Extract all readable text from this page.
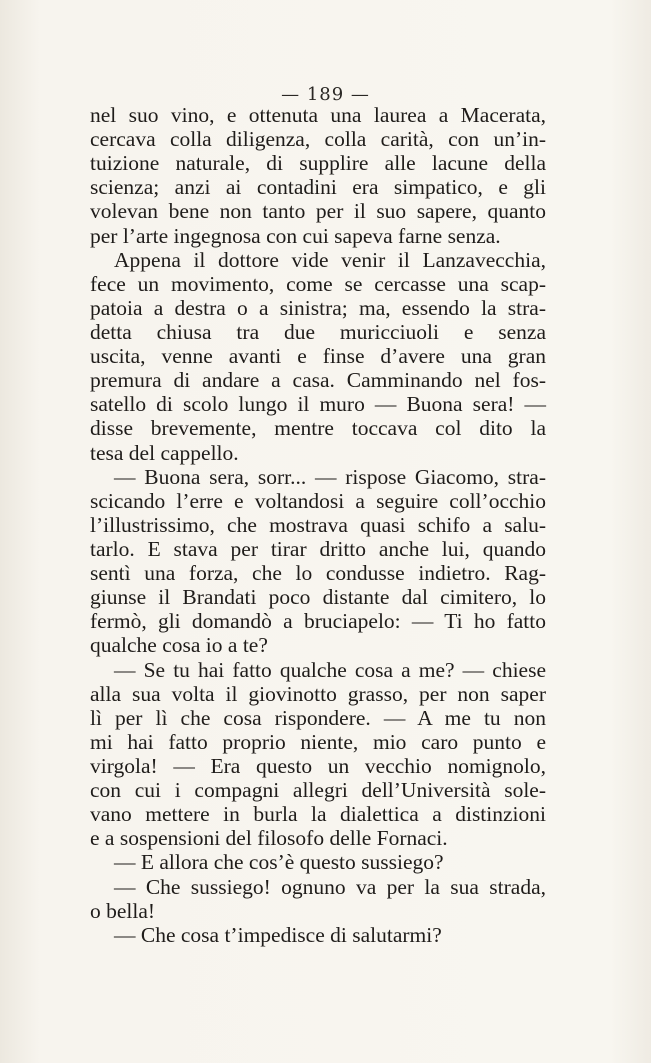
— 189 —
nel suo vino, e ottenuta una laurea a Macerata,
cercava colla diligenza, colla carità, con un’in-
tuizione naturale, di supplire alle lacune della
scienza; anzi ai contadini era simpatico, e gli
volevan bene non tanto per il suo sapere, quanto
per l’arte ingegnosa con cui sapeva farne senza.
Appena il dottore vide venir il Lanzavecchia,
fece un movimento, come se cercasse una scap-
patoia a destra o a sinistra; ma, essendo la stra-
detta chiusa tra due muricciuoli e senza
uscita, venne avanti e finse d’avere una gran
premura di andare a casa. Camminando nel fos-
satello di scolo lungo il muro — Buona sera! —
disse brevemente, mentre toccava col dito la
tesa del cappello.
— Buona sera, sorr... — rispose Giacomo, stra-
scicando l’erre e voltandosi a seguire coll’occhio
l’illustrissimo, che mostrava quasi schifo a salu-
tarlo. E stava per tirar dritto anche lui, quando
sentì una forza, che lo condusse indietro. Rag-
giunse il Brandati poco distante dal cimitero, lo
fermò, gli domandò a bruciapelo: — Ti ho fatto
qualche cosa io a te?
— Se tu hai fatto qualche cosa a me? — chiese
alla sua volta il giovinotto grasso, per non saper
lì per lì che cosa rispondere. — A me tu non
mi hai fatto proprio niente, mio caro punto e
virgola! — Era questo un vecchio nomignolo,
con cui i compagni allegri dell’Università sole-
vano mettere in burla la dialettica a distinzioni
e a sospensioni del filosofo delle Fornaci.
— E allora che cos’è questo sussiego?
— Che sussiego! ognuno va per la sua strada,
o bella!
— Che cosa t’impedisce di salutarmi?
